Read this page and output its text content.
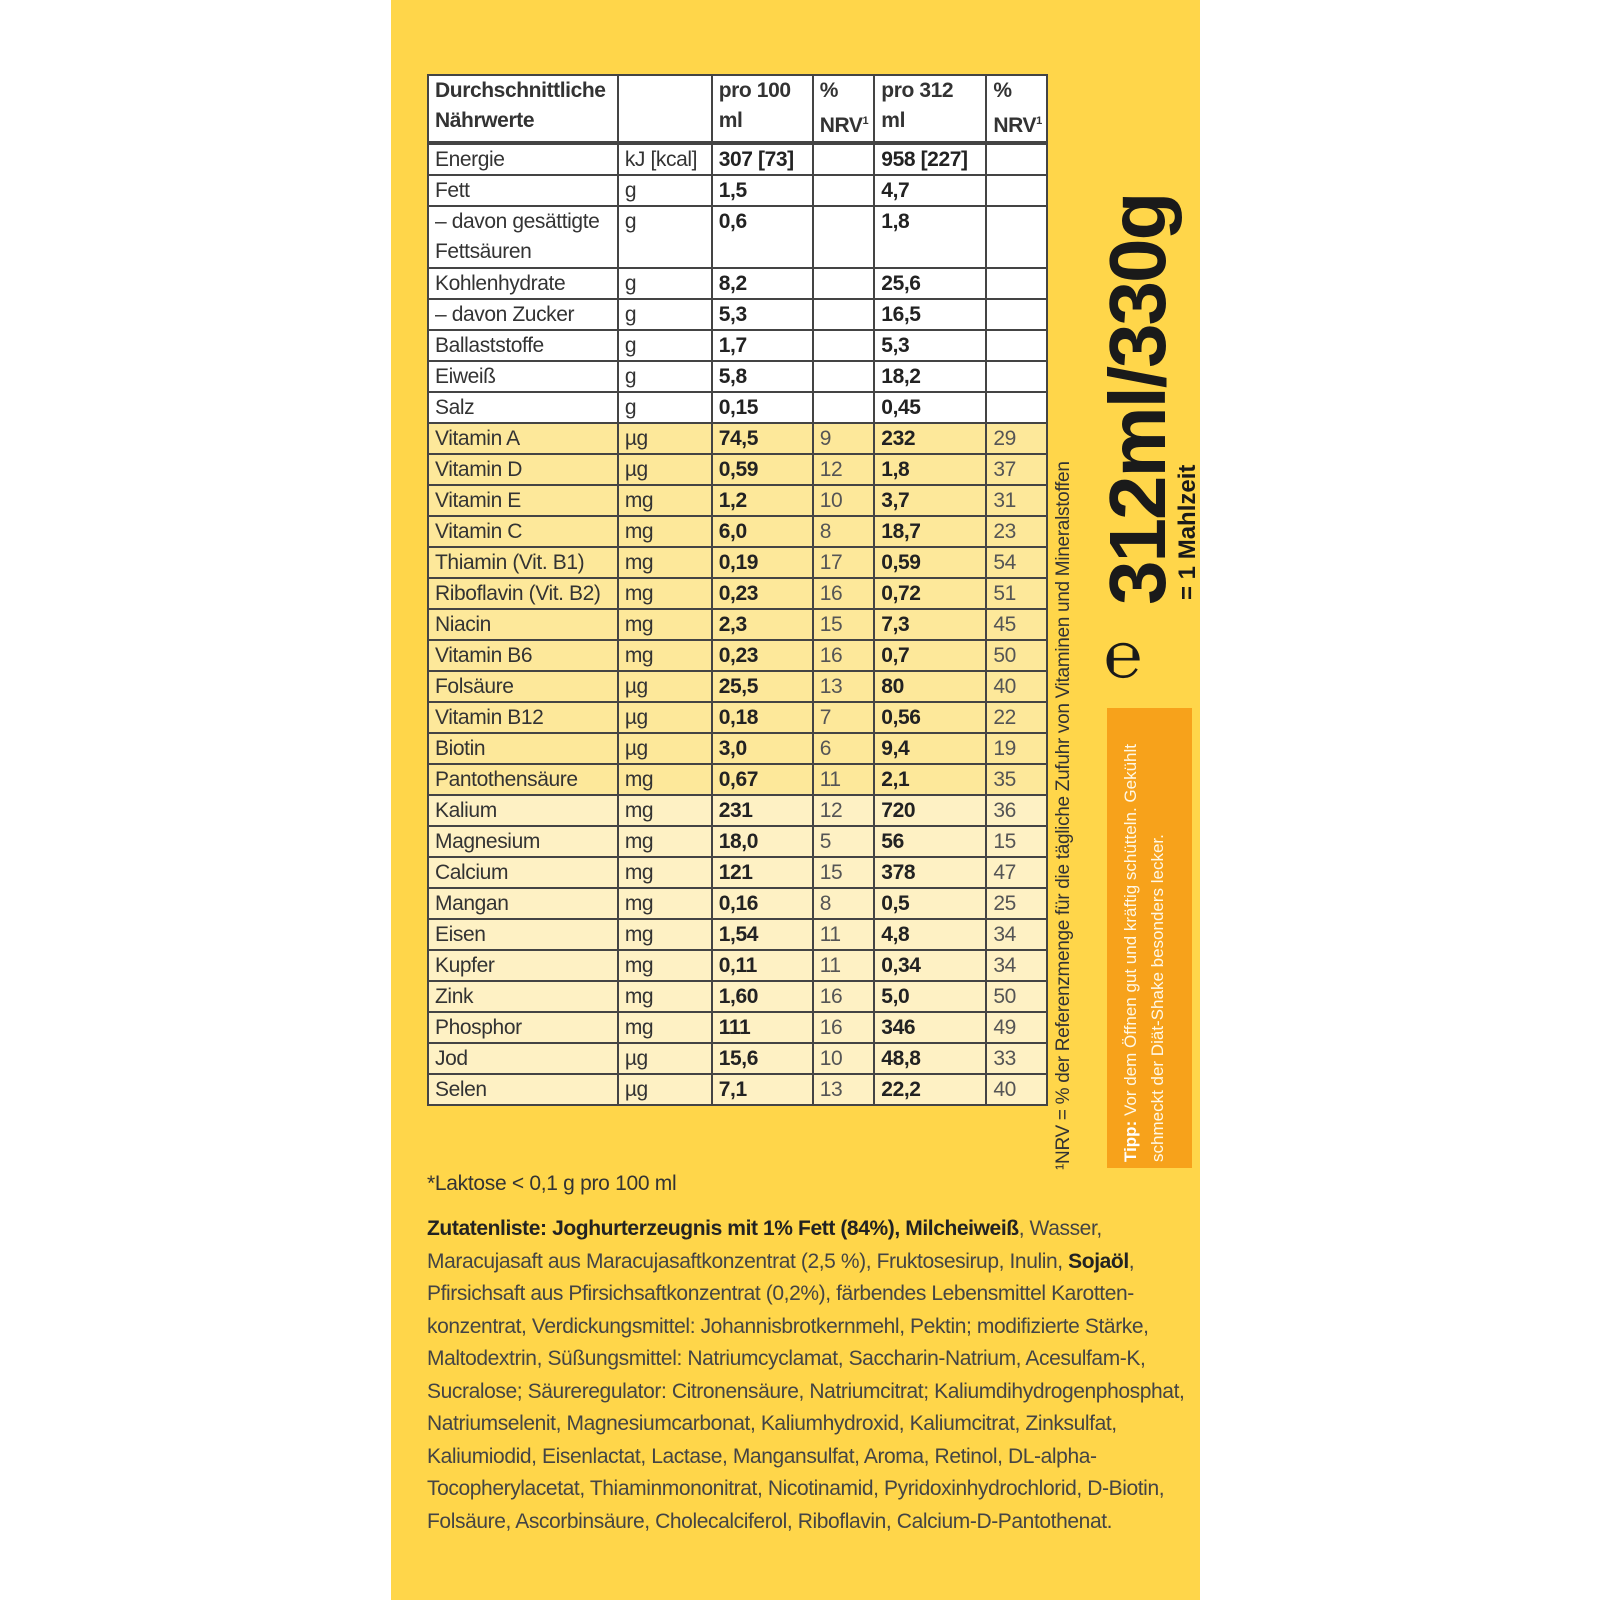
Durchschnittliche Nährwerte		pro 100 ml	% NRV$^1$	pro 312 ml	% NRV$^1$
Energie	kJ [kcal]	307 [73]		958 [227]	
Fett	g	1,5		4,7	
– davon gesättigte Fettsäuren	g	0,6		1,8	
Kohlenhydrate	g	8,2		25,6	
– davon Zucker	g	5,3		16,5	
Ballaststoffe	g	1,7		5,3	
Eiweiß	g	5,8		18,2	
Salz	g	0,15		0,45	
Vitamin A	µg	74,5	9	232	29
Vitamin D	µg	0,59	12	1,8	37
Vitamin E	mg	1,2	10	3,7	31
Vitamin C	mg	6,0	8	18,7	23
Thiamin (Vit. B1)	mg	0,19	17	0,59	54
Riboflavin (Vit. B2)	mg	0,23	16	0,72	51
Niacin	mg	2,3	15	7,3	45
Vitamin B6	mg	0,23	16	0,7	50
Folsäure	µg	25,5	13	80	40
Vitamin B12	µg	0,18	7	0,56	22
Biotin	µg	3,0	6	9,4	19
Pantothensäure	mg	0,67	11	2,1	35
Kalium	mg	231	12	720	36
Magnesium	mg	18,0	5	56	15
Calcium	mg	121	15	378	47
Mangan	mg	0,16	8	0,5	25
Eisen	mg	1,54	11	4,8	34
Kupfer	mg	0,11	11	0,34	34
Zink	mg	1,60	16	5,0	50
Phosphor	mg	111	16	346	49
Jod	µg	15,6	10	48,8	33
Selen	µg	7,1	13	22,2	40
*Laktose < 0,1 g pro 100 ml
Zutatenliste: Joghurterzeugnis mit 1% Fett (84%), Milcheiweiß, Wasser, Maracujasaft aus Maracujasaftkonzentrat (2,5 %), Fruktosesirup, Inulin, Sojaöl, Pfirsichsaft aus Pfirsichsaftkonzentrat (0,2%), färbendes Lebensmittel Karotten-konzentrat, Verdickungsmittel: Johannisbrotkernmehl, Pektin; modifizierte Stärke, Maltodextrin, Süßungsmittel: Natriumcyclamat, Saccharin-Natrium, Acesulfam-K, Sucralose; Säureregulator: Citronensäure, Natriumcitrat; Kaliumdihydrogenphosphat, Natriumselenit, Magnesiumcarbonat, Kaliumhydroxid, Kaliumcitrat, Zinksulfat, Kaliumiodid, Eisenlactat, Lactase, Mangansulfat, Aroma, Retinol, DL-alpha-Tocopherylacetat, Thiaminmononitrat, Nicotinamid, Pyridoxinhydrochlorid, D-Biotin, Folsäure, Ascorbinsäure, Cholecalciferol, Riboflavin, Calcium-D-Pantothenat.
¹NRV = % der Referenzmenge für die tägliche Zufuhr von Vitaminen und Mineralstoffen
312ml/330g
℮
= 1 Mahlzeit
Tipp: Vor dem Öffnen gut und kräftig schütteln. Gekühlt schmeckt der Diät-Shake besonders lecker.
